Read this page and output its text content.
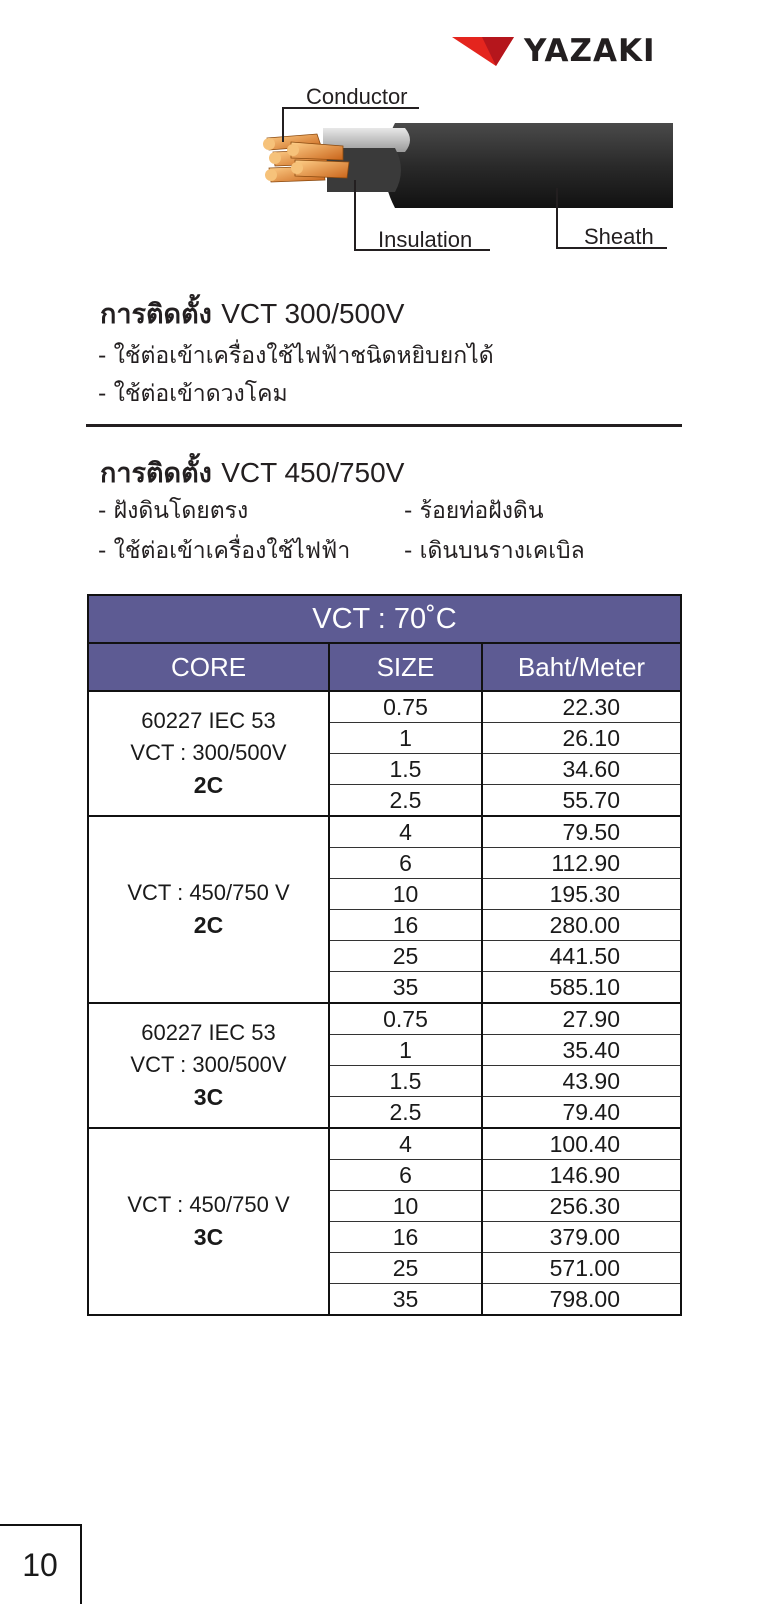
YAZAKI
Conductor
Insulation	Sheath
การติดตั้ง VCT 300/500V
- ใช้ต่อเข้าเครื่องใช้ไฟฟ้าชนิดหยิบยกได้
- ใช้ต่อเข้าดวงโคม
การติดตั้ง VCT 450/750V
- ฝังดินโดยตรง
- ใช้ต่อเข้าเครื่องใช้ไฟฟ้า
- ร้อยท่อฝังดิน
- เดินบนรางเคเบิล
VCT : 70˚C		
CORE	SIZE	Baht/Meter

60227 IEC 53
VCT : 300/500V
2C	0.75	22.30
	1	26.10
	1.5	34.60
	2.5	55.70

VCT : 450/750 V
2C	4	79.50
	6	112.90
	10	195.30
	16	280.00
	25	441.50
	35	585.10

60227 IEC 53
VCT : 300/500V
3C	0.75	27.90
	1	35.40
	1.5	43.90
	2.5	79.40

VCT : 450/750 V
3C	4	100.40
	6	146.90
	10	256.30
	16	379.00
	25	571.00
	35	798.00
10
